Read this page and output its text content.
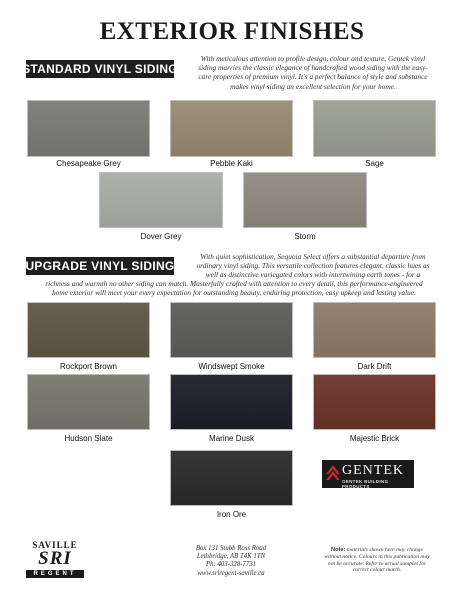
EXTERIOR FINISHES
STANDARD VINYL SIDING
With meticulous attention to profile design, colour and texture, Gentek vinyl
siding marries the classic elegance of handcrafted wood siding with the easy-
care properties of premium vinyl. It's a perfect balance of style and substance
makes vinyl siding an excellent selection for your home.
Chesapeake Grey	Pebble Kaki	Sage
Dover Grey	Storm
UPGRADE VINYL SIDING
With quiet sophistication, Sequoia Select offers a substantial departure from
ordinary vinyl siding. This versatile collection features elegant, classic hues as
well as distinctive variegated colors with intertwining earth tones - for a
richness and warmth no other siding can match. Masterfully crafted with attention to every detail, this performance-engineered
home exterior will meet your every expectation for outstanding beauty, enduring protection, easy upkeep and lasting value.
Rockport Brown	Windswept Smoke	Dark Drift
Hudson Slate	Marine Dusk	Majestic Brick
Iron Ore
GENTEK
GENTEK BUILDING PRODUCTS
SAVILLE
SRI
REGENT
Box 131 Stubb Ross Road
Lethbridge, AB T4K 1TN
Ph: 403-328-7731
www.sriregent-saville.ca
Note: materials shown here may change without notice. Colours in this publication may not be accurate. Refer to actual samples for correct colour match.
